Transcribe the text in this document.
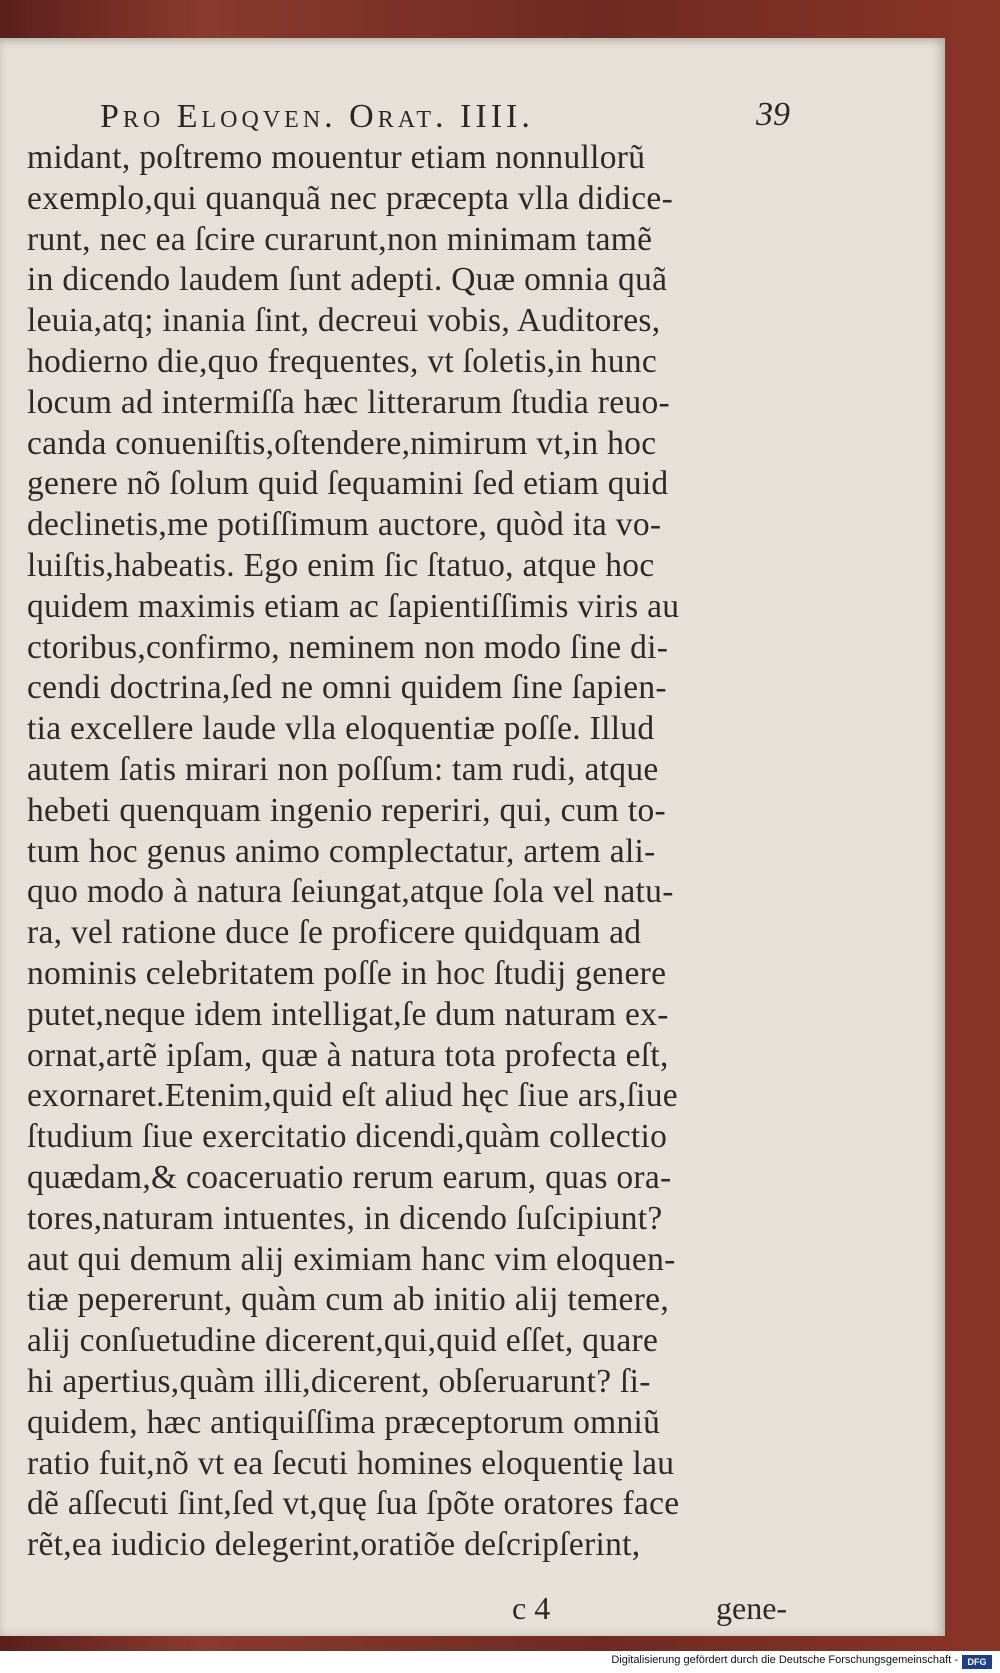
Pro Eloqven. Orat. IIII.	39
midant, poſtremo mouentur etiam nonnullorũ
exemplo,qui quanquã nec præcepta vlla didice-
runt, nec ea ſcire curarunt,non minimam tamẽ
in dicendo laudem ſunt adepti. Quæ omnia quã
leuia,atq; inania ſint, decreui vobis, Auditores,
hodierno die,quo frequentes, vt ſoletis,in hunc
locum ad intermiſſa hæc litterarum ſtudia reuo-
canda conueniſtis,oſtendere,nimirum vt,in hoc
genere nõ ſolum quid ſequamini ſed etiam quid
declinetis,me potiſſimum auctore, quòd ita vo-
luiſtis,habeatis. Ego enim ſic ſtatuo, atque hoc
quidem maximis etiam ac ſapientiſſimis viris au
ctoribus,confirmo, neminem non modo ſine di-
cendi doctrina,ſed ne omni quidem ſine ſapien-
tia excellere laude vlla eloquentiæ poſſe. Illud
autem ſatis mirari non poſſum: tam rudi, atque
hebeti quenquam ingenio reperiri, qui, cum to-
tum hoc genus animo complectatur, artem ali-
quo modo à natura ſeiungat,atque ſola vel natu-
ra, vel ratione duce ſe proficere quidquam ad
nominis celebritatem poſſe in hoc ſtudij genere
putet,neque idem intelligat,ſe dum naturam ex-
ornat,artẽ ipſam, quæ à natura tota profecta eſt,
exornaret.Etenim,quid eſt aliud hęc ſiue ars,ſiue
ſtudium ſiue exercitatio dicendi,quàm collectio
quædam,& coaceruatio rerum earum, quas ora-
tores,naturam intuentes, in dicendo ſuſcipiunt?
aut qui demum alij eximiam hanc vim eloquen-
tiæ pepererunt, quàm cum ab initio alij temere,
alij conſuetudine dicerent,qui,quid eſſet, quare
hi apertius,quàm illi,dicerent, obſeruarunt? ſi-
quidem, hæc antiquiſſima præceptorum omniũ
ratio fuit,nõ vt ea ſecuti homines eloquentię lau
dẽ aſſecuti ſint,ſed vt,quę ſua ſpõte oratores face
rẽt,ea iudicio delegerint,oratiõe deſcripſerint,
c 4	gene-
Digitalisierung gefördert durch die Deutsche Forschungsgemeinschaft -	DFG
